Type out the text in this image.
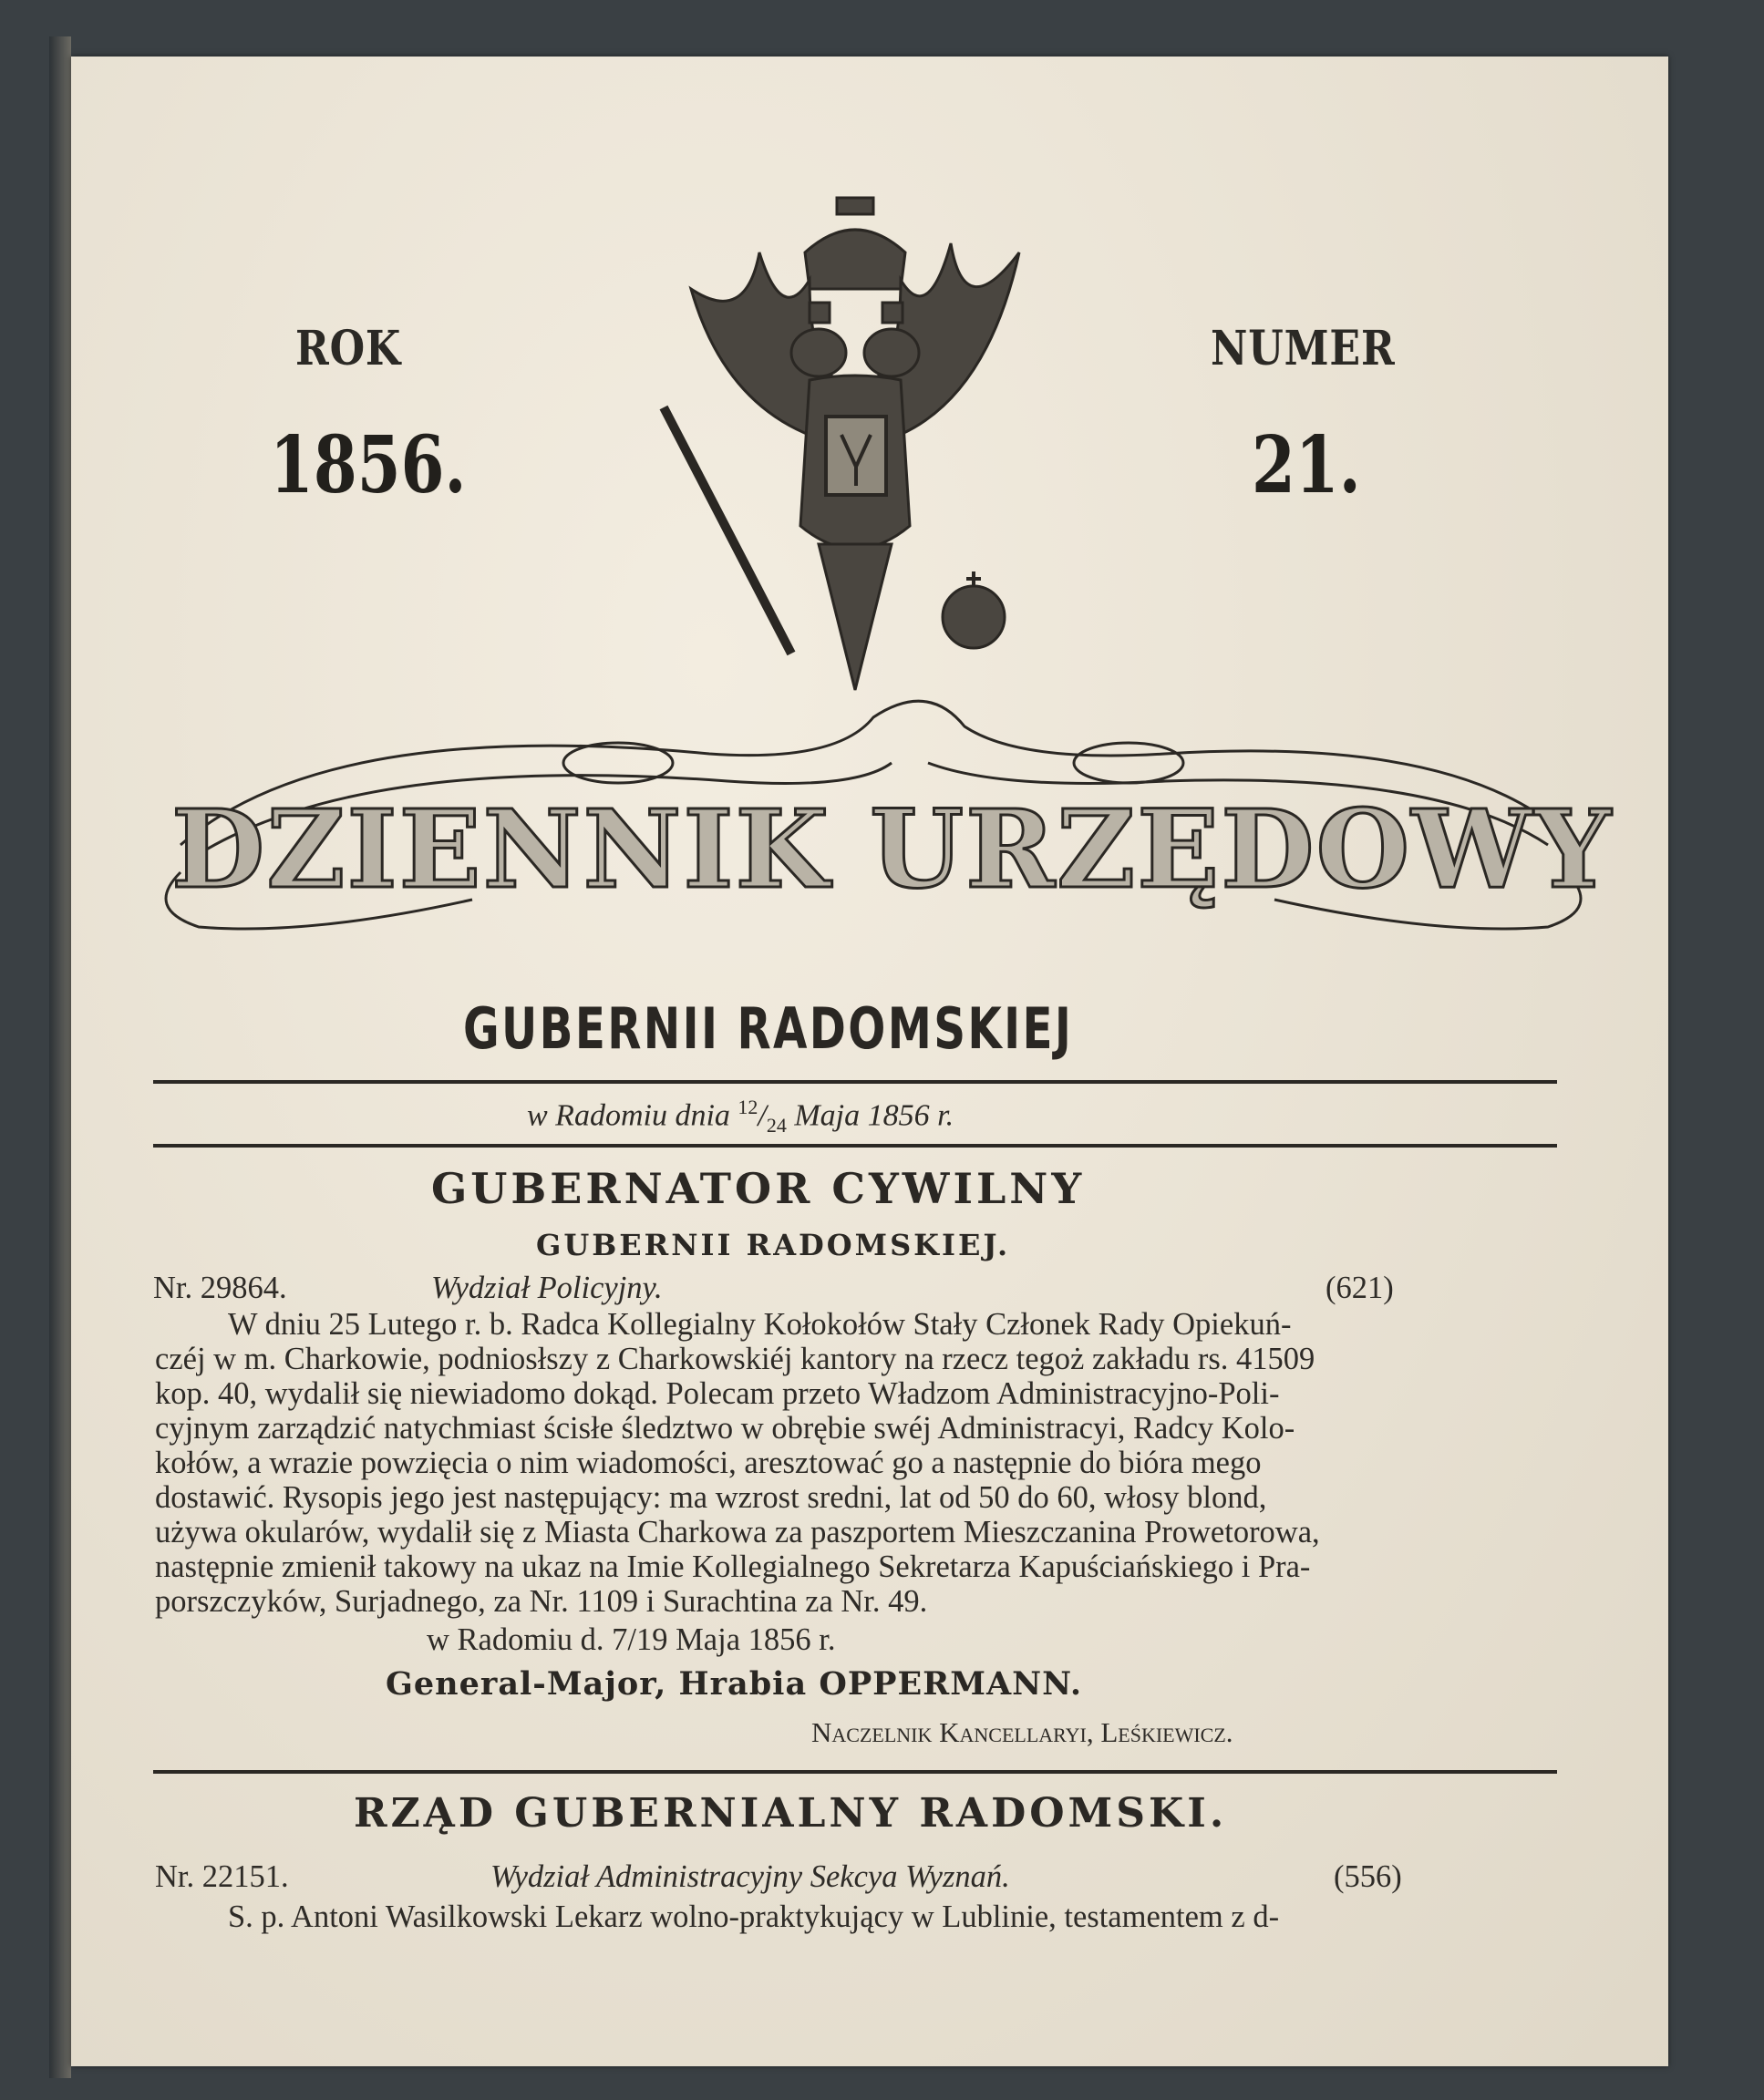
ROK
1856.
NUMER
21.
DZIENNIK URZĘDOWY
GUBERNII RADOMSKIEJ
w Radomiu dnia $^{12}/_{24}$ Maja 1856 r.
GUBERNATOR CYWILNY
GUBERNII RADOMSKIEJ.
Nr. 29864.	Wydział Policyjny.	(621)
W dniu 25 Lutego r. b. Radca Kollegialny Kołokołów Stały Członek Rady Opiekuń-
czéj w m. Charkowie, podniosłszy z Charkowskiéj kantory na rzecz tegoż zakładu rs. 41509
kop. 40, wydalił się niewiadomo dokąd. Polecam przeto Władzom Administracyjno-Poli-
cyjnym zarządzić natychmiast ścisłe śledztwo w obrębie swéj Administracyi, Radcy Kolo-
kołów, a wrazie powzięcia o nim wiadomości, aresztować go a następnie do bióra mego
dostawić. Rysopis jego jest następujący: ma wzrost sredni, lat od 50 do 60, włosy blond,
używa okularów, wydalił się z Miasta Charkowa za paszportem Mieszczanina Prowetorowa,
następnie zmienił takowy na ukaz na Imie Kollegialnego Sekretarza Kapuściańskiego i Pra-
porszczyków, Surjadnego, za Nr. 1109 i Surachtina za Nr. 49.
w Radomiu d. 7/19 Maja 1856 r.
General-Major, Hrabia OPPERMANN.
Naczelnik Kancellaryi, Leśkiewicz.
RZĄD GUBERNIALNY RADOMSKI.
Nr. 22151.	Wydział Administracyjny Sekcya Wyznań.	(556)
S. p. Antoni Wasilkowski Lekarz wolno-praktykujący w Lublinie, testamentem z d-
